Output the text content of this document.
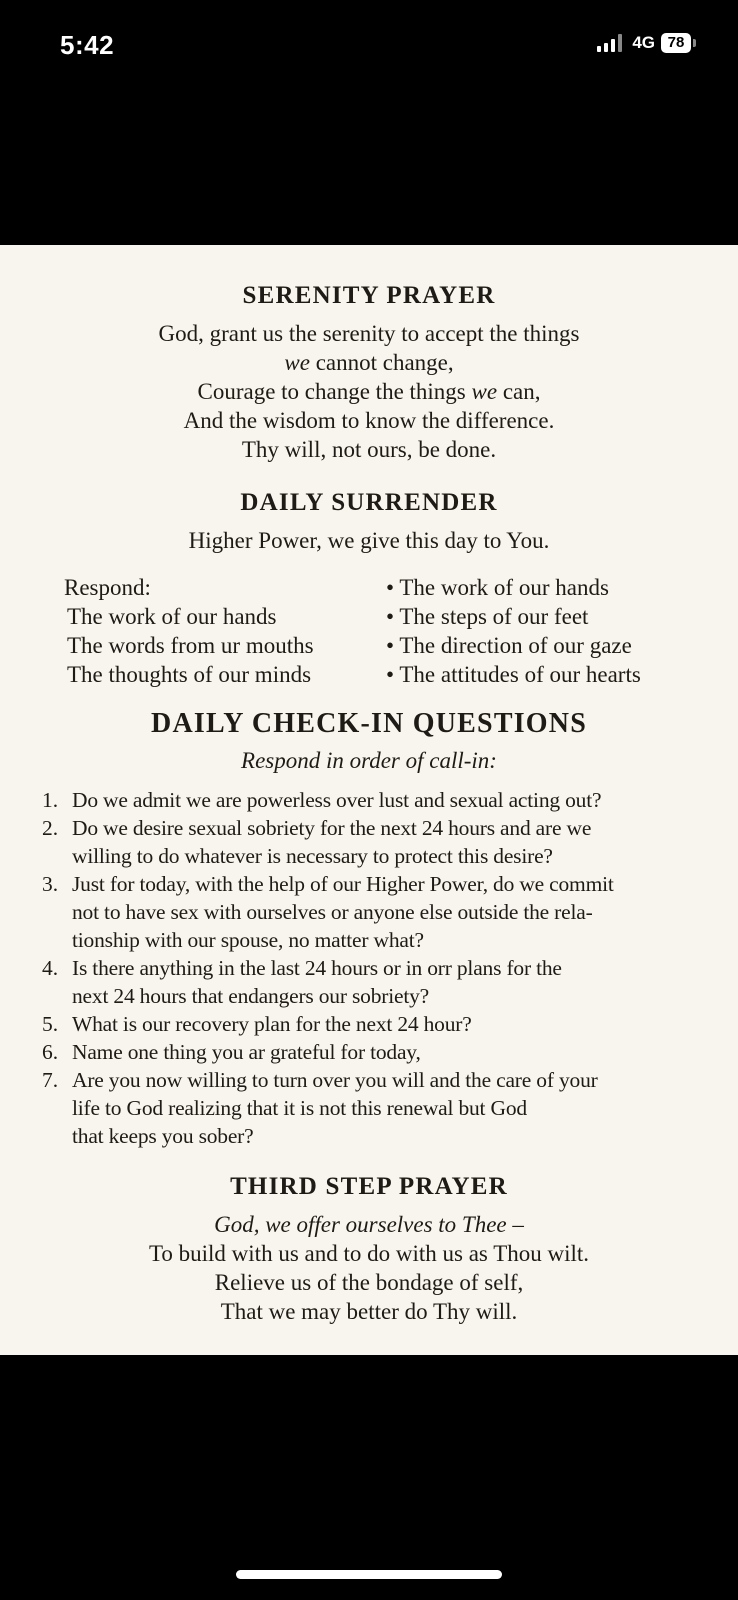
5:42	4G 78
SERENITY PRAYER
God, grant us the serenity to accept the things
we cannot change,
Courage to change the things we can,
And the wisdom to know the difference.
Thy will, not ours, be done.
DAILY SURRENDER
Higher Power, we give this day to You.
Respond:
The work of our hands
The words from ur mouths
The thoughts of our minds
• The work of our hands
• The steps of our feet
• The direction of our gaze
• The attitudes of our hearts
DAILY CHECK-IN QUESTIONS
Respond in order of call-in:
1. Do we admit we are powerless over lust and sexual acting out?
2. Do we desire sexual sobriety for the next 24 hours and are we
willing to do whatever is necessary to protect this desire?
3. Just for today, with the help of our Higher Power, do we commit
not to have sex with ourselves or anyone else outside the rela-
tionship with our spouse, no matter what?
4. Is there anything in the last 24 hours or in orr plans for the
next 24 hours that endangers our sobriety?
5. What is our recovery plan for the next 24 hour?
6. Name one thing you ar grateful for today,
7. Are you now willing to turn over you will and the care of your
life to God realizing that it is not this renewal but God
that keeps you sober?
THIRD STEP PRAYER
God, we offer ourselves to Thee –
To build with us and to do with us as Thou wilt.
Relieve us of the bondage of self,
That we may better do Thy will.
